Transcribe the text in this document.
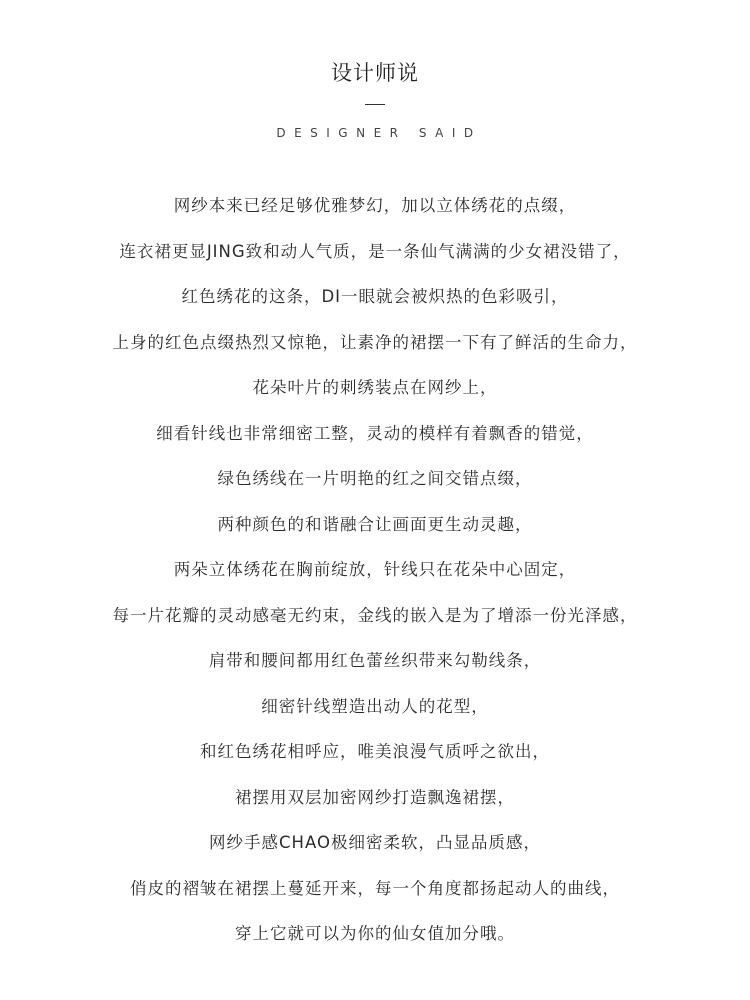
设计师说
DESIGNER SAID
网纱本来已经足够优雅梦幻，加以立体绣花的点缀，
连衣裙更显JING致和动人气质，是一条仙气满满的少女裙没错了，
红色绣花的这条，DI一眼就会被炽热的色彩吸引，
上身的红色点缀热烈又惊艳，让素净的裙摆一下有了鲜活的生命力，
花朵叶片的刺绣装点在网纱上，
细看针线也非常细密工整，灵动的模样有着飘香的错觉，
绿色绣线在一片明艳的红之间交错点缀，
两种颜色的和谐融合让画面更生动灵趣，
两朵立体绣花在胸前绽放，针线只在花朵中心固定，
每一片花瓣的灵动感毫无约束，金线的嵌入是为了增添一份光泽感，
肩带和腰间都用红色蕾丝织带来勾勒线条，
细密针线塑造出动人的花型，
和红色绣花相呼应，唯美浪漫气质呼之欲出，
裙摆用双层加密网纱打造飘逸裙摆，
网纱手感CHAO极细密柔软，凸显品质感，
俏皮的褶皱在裙摆上蔓延开来，每一个角度都扬起动人的曲线，
穿上它就可以为你的仙女值加分哦。
